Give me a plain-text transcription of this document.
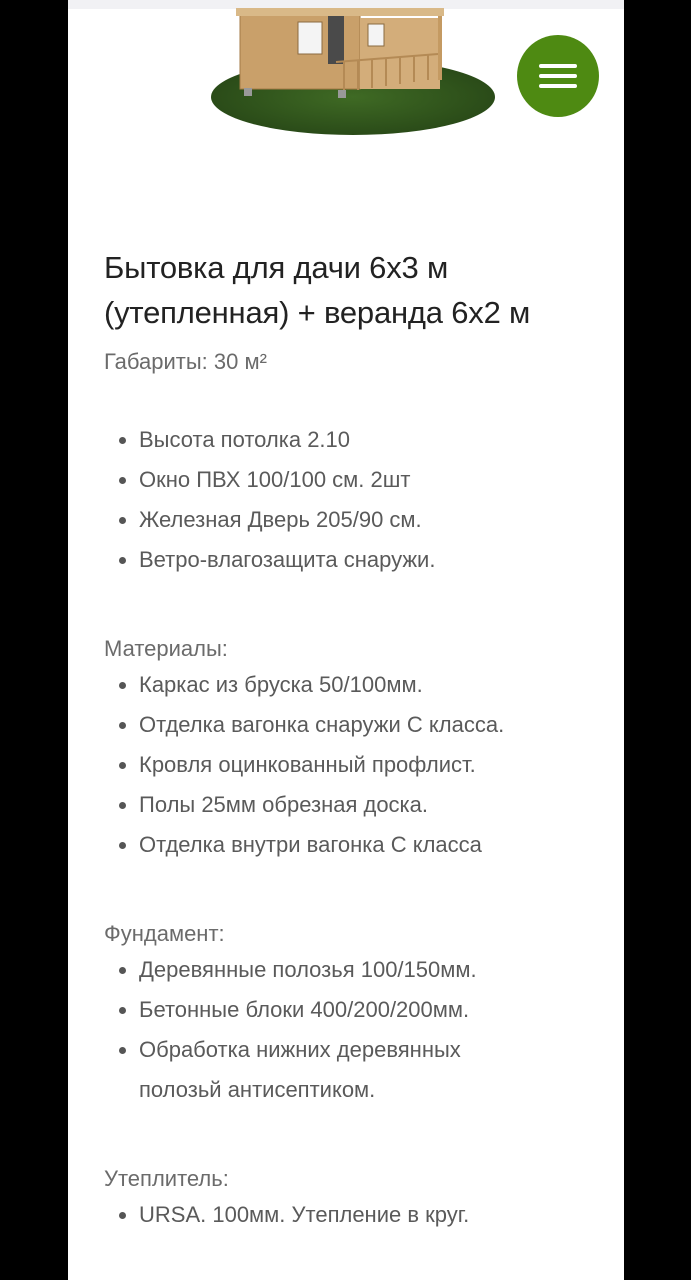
Бытовка для дачи 6х3 м (утепленная) + веранда 6х2 м
Габариты: 30 м²
Высота потолка 2.10
Окно ПВХ 100/100 см. 2шт
Железная Дверь 205/90 см.
Ветро-влагозащита снаружи.

Материалы:

Каркас из бруска 50/100мм.
Отделка вагонка снаружи С класса.
Кровля оцинкованный профлист.
Полы 25мм обрезная доска.
Отделка внутри вагонка С класса

Фундамент:

Деревянные полозья 100/150мм.
Бетонные блоки 400/200/200мм.
Обработка нижних деревянных полозьй антисептиком.

Утеплитель:

URSA. 100мм. Утепление в круг.
